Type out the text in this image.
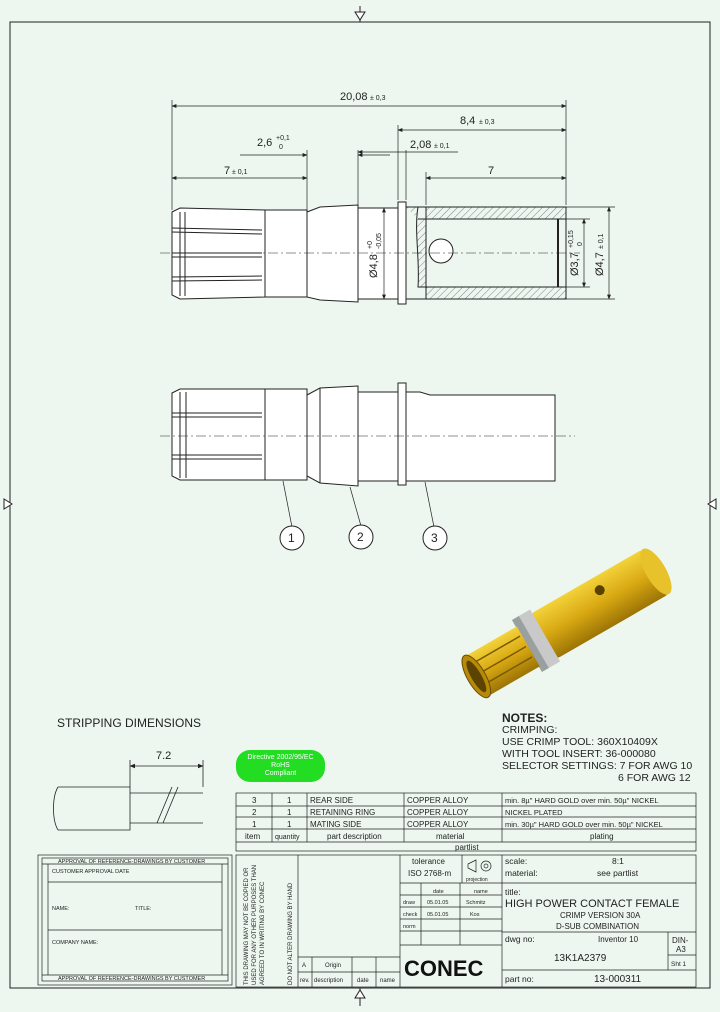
20,08 ± 0,3
8,4 ± 0,3
2,6 +0,1
0	2,08 ± 0,1
7 ± 0,1	7
Ø4,8
+0 -0,05
Ø3,7
+0,15 0
Ø4,7
± 0,1
1	2	3
7.2
3	1 REAR SIDE	COPPER ALLOY	min. 8µ" HARD GOLD over min. 50µ" NICKEL
2	1 RETAINING RING	COPPER ALLOY	NICKEL PLATED
1	1 MATING SIDE	COPPER ALLOY	min. 30µ" HARD GOLD over min. 50µ" NICKEL
item quantity	part description	material	plating
partlist
APPROVAL OF REFERENCE-DRAWINGS BY CUSTOMER
CUSTOMER APPROVAL DATE
NAME:	TITLE:
COMPANY NAME:
APPROVAL OF REFERENCE-DRAWINGS BY CUSTOMER	THIS DRAWING MAY NOT BE COPIED OR USED FOR ANY OTHER PURPOSES THAN AGREED TO IN WRITING BY CONEC	DO NOT ALTER DRAWING BY HAND
tolerance
ISO 2768-m
projection
scale:	8:1
material:	see partlist
title:
HIGH POWER CONTACT FEMALE
CRIMP VERSION 30A
D-SUB COMBINATION
dwg no:	Inventor 10
13K1A2379
DIN-
A3
Sht 1
part no:	13-000311
CONEC
date	name
draw 05.01.05	Schmitz
check 05.01.05	Kos
norm
rev. description date name
A	Origin
STRIPPING DIMENSIONS
Directive 2002/95/EC
RoHS
Compliant
NOTES:
CRIMPING:
USE CRIMP TOOL: 360X10409X
WITH TOOL INSERT: 36-000080
SELECTOR SETTINGS: 7 FOR AWG 10
6 FOR AWG 12
